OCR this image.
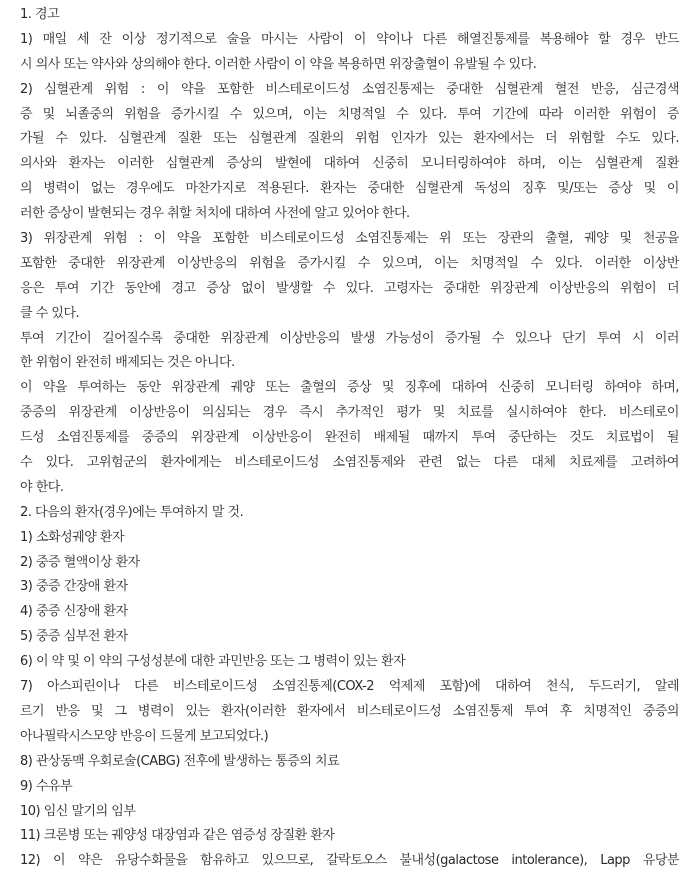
1. 경고
1) 매일 세 잔 이상 정기적으로 술을 마시는 사람이 이 약이나 다른 해열진통제를 복용해야 할 경우 반드
시 의사 또는 약사와 상의해야 한다. 이러한 사람이 이 약을 복용하면 위장출혈이 유발될 수 있다.
2) 심혈관계 위험 : 이 약을 포함한 비스테로이드성 소염진통제는 중대한 심혈관계 혈전 반응, 심근경색
증 및 뇌졸중의 위험을 증가시킬 수 있으며, 이는 치명적일 수 있다. 투여 기간에 따라 이러한 위험이 증
가될 수 있다. 심혈관계 질환 또는 심혈관계 질환의 위험 인자가 있는 환자에서는 더 위험할 수도 있다.
의사와 환자는 이러한 심혈관계 증상의 발현에 대하여 신중히 모니터링하여야 하며, 이는 심혈관계 질환
의 병력이 없는 경우에도 마찬가지로 적용된다. 환자는 중대한 심혈관계 독성의 징후 및/또는 증상 및 이
러한 증상이 발현되는 경우 취할 처치에 대하여 사전에 알고 있어야 한다.
3) 위장관계 위험 : 이 약을 포함한 비스테로이드성 소염진통제는 위 또는 장관의 출혈, 궤양 및 천공을
포함한 중대한 위장관계 이상반응의 위험을 증가시킬 수 있으며, 이는 치명적일 수 있다. 이러한 이상반
응은 투여 기간 동안에 경고 증상 없이 발생할 수 있다. 고령자는 중대한 위장관계 이상반응의 위험이 더
클 수 있다.
투여 기간이 길어질수록 중대한 위장관계 이상반응의 발생 가능성이 증가될 수 있으나 단기 투여 시 이러
한 위험이 완전히 배제되는 것은 아니다.
이 약을 투여하는 동안 위장관계 궤양 또는 출혈의 증상 및 징후에 대하여 신중히 모니터링 하여야 하며,
중증의 위장관계 이상반응이 의심되는 경우 즉시 추가적인 평가 및 치료를 실시하여야 한다. 비스테로이
드성 소염진통제를 중증의 위장관계 이상반응이 완전히 배제될 때까지 투여 중단하는 것도 치료법이 될
수 있다. 고위험군의 환자에게는 비스테로이드성 소염진통제와 관련 없는 다른 대체 치료제를 고려하여
야 한다.
2. 다음의 환자(경우)에는 투여하지 말 것.
1) 소화성궤양 환자
2) 중증 혈액이상 환자
3) 중증 간장애 환자
4) 중증 신장애 환자
5) 중증 심부전 환자
6) 이 약 및 이 약의 구성성분에 대한 과민반응 또는 그 병력이 있는 환자
7) 아스피린이나 다른 비스테로이드성 소염진통제(COX-2 억제제 포함)에 대하여 천식, 두드러기, 알레
르기 반응 및 그 병력이 있는 환자(이러한 환자에서 비스테로이드성 소염진통제 투여 후 치명적인 중증의
아나필락시스모양 반응이 드물게 보고되었다.)
8) 관상동맥 우회로술(CABG) 전후에 발생하는 통증의 치료
9) 수유부
10) 임신 말기의 임부
11) 크론병 또는 궤양성 대장염과 같은 염증성 장질환 환자
12) 이 약은 유당수화물을 함유하고 있으므로, 갈락토오스 불내성(galactose intolerance), Lapp 유당분
